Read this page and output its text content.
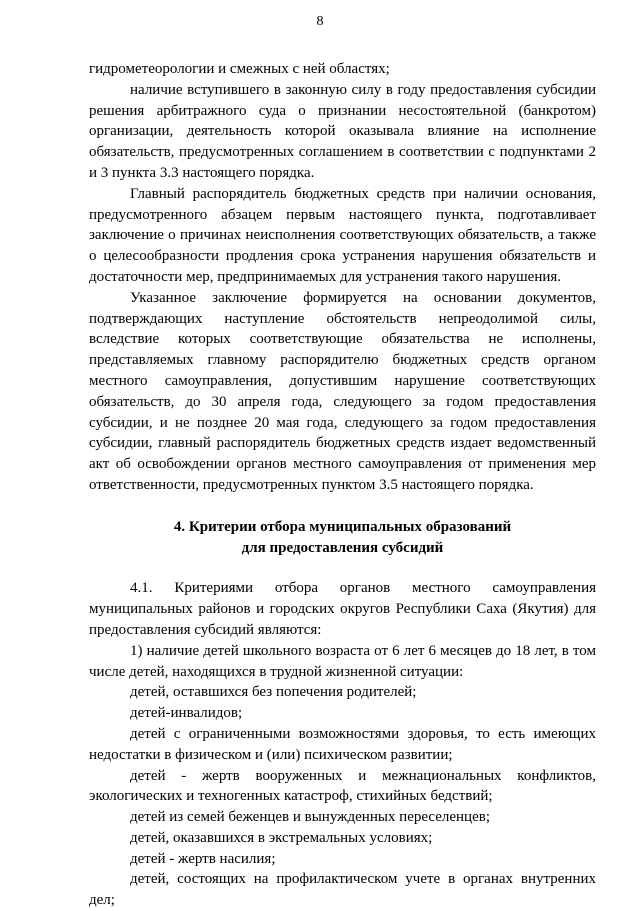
8

гидрометеорологии и смежных с ней областях;

наличие вступившего в законную силу в году предоставления субсидии решения арбитражного суда о признании несостоятельной (банкротом) организации, деятельность которой оказывала влияние на исполнение обязательств, предусмотренных соглашением в соответствии с подпунктами 2 и 3 пункта 3.3 настоящего порядка.

Главный распорядитель бюджетных средств при наличии основания, предусмотренного абзацем первым настоящего пункта, подготавливает заключение о причинах неисполнения соответствующих обязательств, а также о целесообразности продления срока устранения нарушения обязательств и достаточности мер, предпринимаемых для устранения такого нарушения.

Указанное заключение формируется на основании документов, подтверждающих наступление обстоятельств непреодолимой силы, вследствие которых соответствующие обязательства не исполнены, представляемых главному распорядителю бюджетных средств органом местного самоуправления, допустившим нарушение соответствующих обязательств, до 30 апреля года, следующего за годом предоставления субсидии, и не позднее 20 мая года, следующего за годом предоставления субсидии, главный распорядитель бюджетных средств издает ведомственный акт об освобождении органов местного самоуправления от применения мер ответственности, предусмотренных пунктом 3.5 настоящего порядка.

4. Критерии отбора муниципальных образований
для предоставления субсидий

4.1. Критериями отбора органов местного самоуправления муниципальных районов и городских округов Республики Саха (Якутия) для предоставления субсидий являются:

1) наличие детей школьного возраста от 6 лет 6 месяцев до 18 лет, в том числе детей, находящихся в трудной жизненной ситуации:

детей, оставшихся без попечения родителей;

детей-инвалидов;

детей с ограниченными возможностями здоровья, то есть имеющих недостатки в физическом и (или) психическом развитии;

детей - жертв вооруженных и межнациональных конфликтов, экологических и техногенных катастроф, стихийных бедствий;

детей из семей беженцев и вынужденных переселенцев;

детей, оказавшихся в экстремальных условиях;

детей - жертв насилия;

детей, состоящих на профилактическом учете в органах внутренних дел;
